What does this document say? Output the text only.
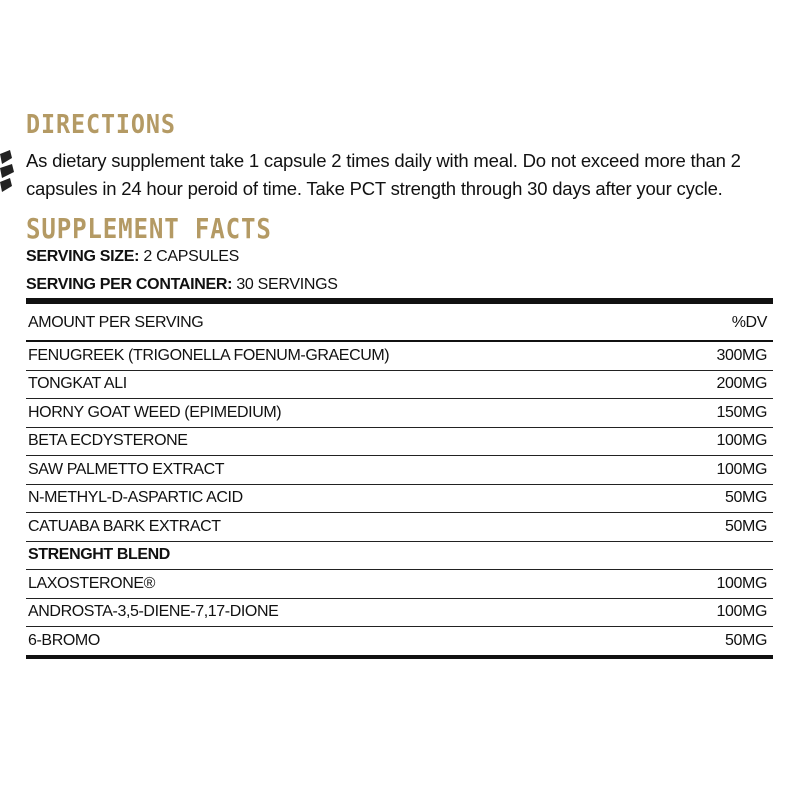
DIRECTIONS
As dietary supplement take 1 capsule 2 times daily with meal. Do not exceed more than 2 capsules in 24 hour peroid of time. Take PCT strength through 30 days after your cycle.
SUPPLEMENT FACTS
SERVING SIZE: 2 CAPSULES
SERVING PER CONTAINER: 30 SERVINGS
AMOUNT PER SERVING	%DV
FENUGREEK (TRIGONELLA FOENUM-GRAECUM)	300MG
TONGKAT ALI	200MG
HORNY GOAT WEED (EPIMEDIUM)	150MG
BETA ECDYSTERONE	100MG
SAW PALMETTO EXTRACT	100MG
N-METHYL-D-ASPARTIC ACID	50MG
CATUABA BARK EXTRACT	50MG
STRENGHT BLEND
LAXOSTERONE®	100MG
ANDROSTA-3,5-DIENE-7,17-DIONE	100MG
6-BROMO	50MG
